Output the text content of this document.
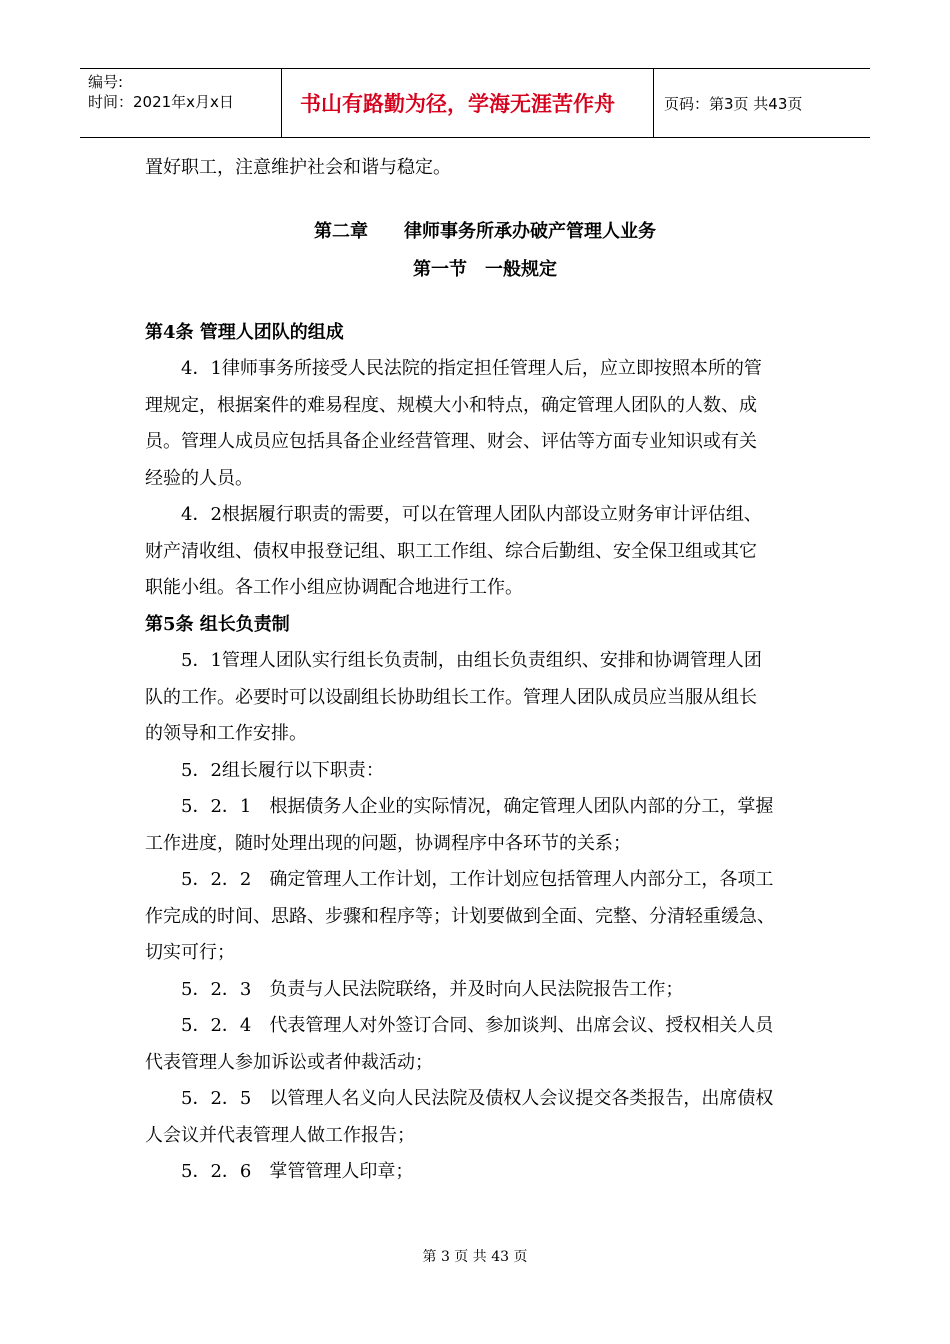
编号:
时间：2021年x月x日	书山有路勤为径，学海无涯苦作舟	页码：第3页 共43页

置好职工，注意维护社会和谐与稳定。

第二章　　律师事务所承办破产管理人业务

第一节　一般规定

第4条 管理人团队的组成

4．1律师事务所接受人民法院的指定担任管理人后，应立即按照本所的管

理规定，根据案件的难易程度、规模大小和特点，确定管理人团队的人数、成

员。管理人成员应包括具备企业经营管理、财会、评估等方面专业知识或有关

经验的人员。

4．2根据履行职责的需要，可以在管理人团队内部设立财务审计评估组、

财产清收组、债权申报登记组、职工工作组、综合后勤组、安全保卫组或其它

职能小组。各工作小组应协调配合地进行工作。

第5条 组长负责制

5．1管理人团队实行组长负责制，由组长负责组织、安排和协调管理人团

队的工作。必要时可以设副组长协助组长工作。管理人团队成员应当服从组长

的领导和工作安排。

5．2组长履行以下职责：

5．2．1　根据债务人企业的实际情况，确定管理人团队内部的分工，掌握

工作进度，随时处理出现的问题，协调程序中各环节的关系；

5．2．2　确定管理人工作计划，工作计划应包括管理人内部分工，各项工

作完成的时间、思路、步骤和程序等；计划要做到全面、完整、分清轻重缓急、

切实可行；

5．2．3　负责与人民法院联络，并及时向人民法院报告工作；

5．2．4　代表管理人对外签订合同、参加谈判、出席会议、授权相关人员

代表管理人参加诉讼或者仲裁活动；

5．2．5　以管理人名义向人民法院及债权人会议提交各类报告，出席债权

人会议并代表管理人做工作报告；

5．2．6　掌管管理人印章；

第 3 页 共 43 页
